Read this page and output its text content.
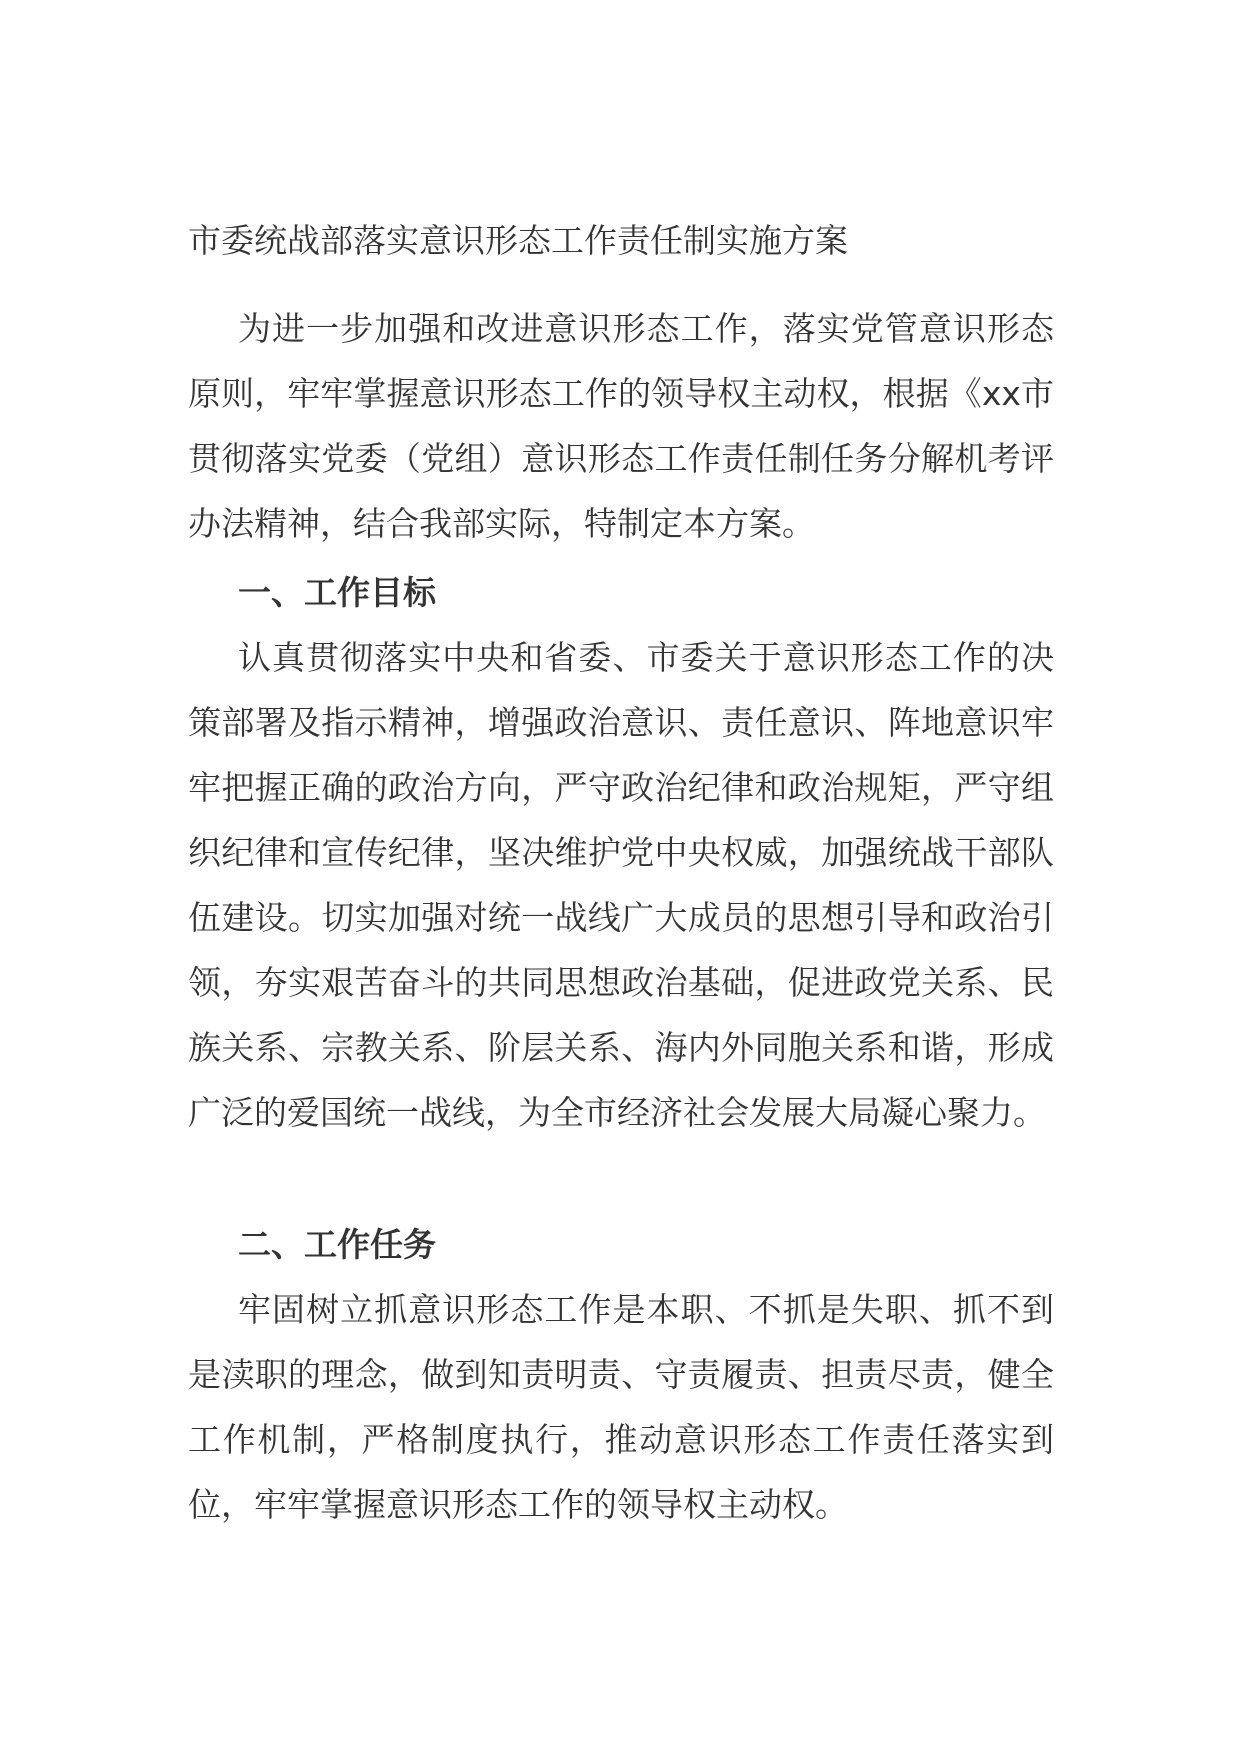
市委统战部落实意识形态工作责任制实施方案

为进一步加强和改进意识形态工作，落实党管意识形态原则，牢牢掌握意识形态工作的领导权主动权，根据《xx市贯彻落实党委（党组）意识形态工作责任制任务分解机考评办法精神，结合我部实际，特制定本方案。

一、工作目标

认真贯彻落实中央和省委、市委关于意识形态工作的决策部署及指示精神，增强政治意识、责任意识、阵地意识牢牢把握正确的政治方向，严守政治纪律和政治规矩，严守组织纪律和宣传纪律，坚决维护党中央权威，加强统战干部队伍建设。切实加强对统一战线广大成员的思想引导和政治引领，夯实艰苦奋斗的共同思想政治基础，促进政党关系、民族关系、宗教关系、阶层关系、海内外同胞关系和谐，形成广泛的爱国统一战线，为全市经济社会发展大局凝心聚力。

二、工作任务

牢固树立抓意识形态工作是本职、不抓是失职、抓不到是渎职的理念，做到知责明责、守责履责、担责尽责，健全工作机制，严格制度执行，推动意识形态工作责任落实到位，牢牢掌握意识形态工作的领导权主动权。
